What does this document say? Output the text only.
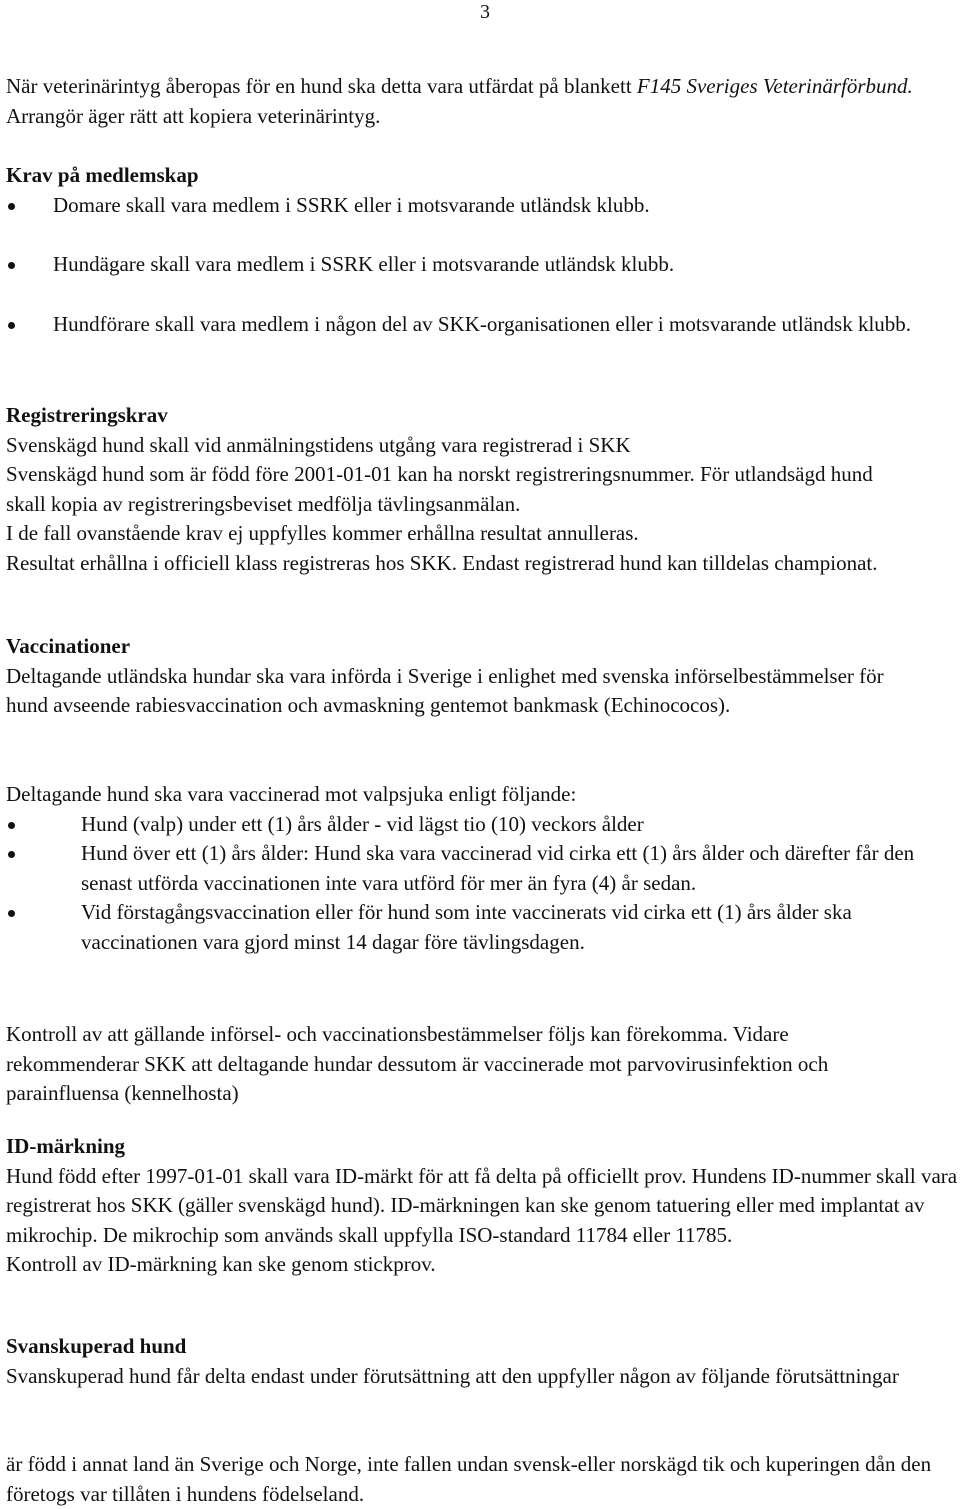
3

När veterinärintyg åberopas för en hund ska detta vara utfärdat på blankett F145 Sveriges Veterinärförbund. Arrangör äger rätt att kopiera veterinärintyg.

Krav på medlemskap

Domare skall vara medlem i SSRK eller i motsvarande utländsk klubb.
Hundägare skall vara medlem i SSRK eller i motsvarande utländsk klubb.
Hundförare skall vara medlem i någon del av SKK-organisationen eller i motsvarande utländsk klubb.

Registreringskrav

Svenskägd hund skall vid anmälningstidens utgång vara registrerad i SKK

Svenskägd hund som är född före 2001-01-01 kan ha norskt registreringsnummer. För utlandsägd hund skall kopia av registreringsbeviset medfölja tävlingsanmälan.

I de fall ovanstående krav ej uppfylles kommer erhållna resultat annulleras.

Resultat erhållna i officiell klass registreras hos SKK. Endast registrerad hund kan tilldelas championat.

Vaccinationer

Deltagande utländska hundar ska vara införda i Sverige i enlighet med svenska införselbestämmelser för hund avseende rabiesvaccination och avmaskning gentemot bankmask (Echinococos).

Deltagande hund ska vara vaccinerad mot valpsjuka enligt följande:

Hund (valp) under ett (1) års ålder - vid lägst tio (10) veckors ålder
Hund över ett (1) års ålder: Hund ska vara vaccinerad vid cirka ett (1) års ålder och därefter får den senast utförda vaccinationen inte vara utförd för mer än fyra (4) år sedan.
Vid förstagångsvaccination eller för hund som inte vaccinerats vid cirka ett (1) års ålder ska vaccinationen vara gjord minst 14 dagar före tävlingsdagen.

Kontroll av att gällande införsel- och vaccinationsbestämmelser följs kan förekomma. Vidare rekommenderar SKK att deltagande hundar dessutom är vaccinerade mot parvovirusinfektion och parainfluensa (kennelhosta)

ID-märkning

Hund född efter 1997-01-01 skall vara ID-märkt för att få delta på officiellt prov. Hundens ID-nummer skall vara registrerat hos SKK (gäller svenskägd hund). ID-märkningen kan ske genom tatuering eller med implantat av mikrochip. De mikrochip som används skall uppfylla ISO-standard 11784 eller 11785.

Kontroll av ID-märkning kan ske genom stickprov.

Svanskuperad hund

Svanskuperad hund får delta endast under förutsättning att den uppfyller någon av följande förutsättningar

är född i annat land än Sverige och Norge, inte fallen undan svensk-eller norskägd tik och kuperingen dån den företogs var tillåten i hundens födelseland.
